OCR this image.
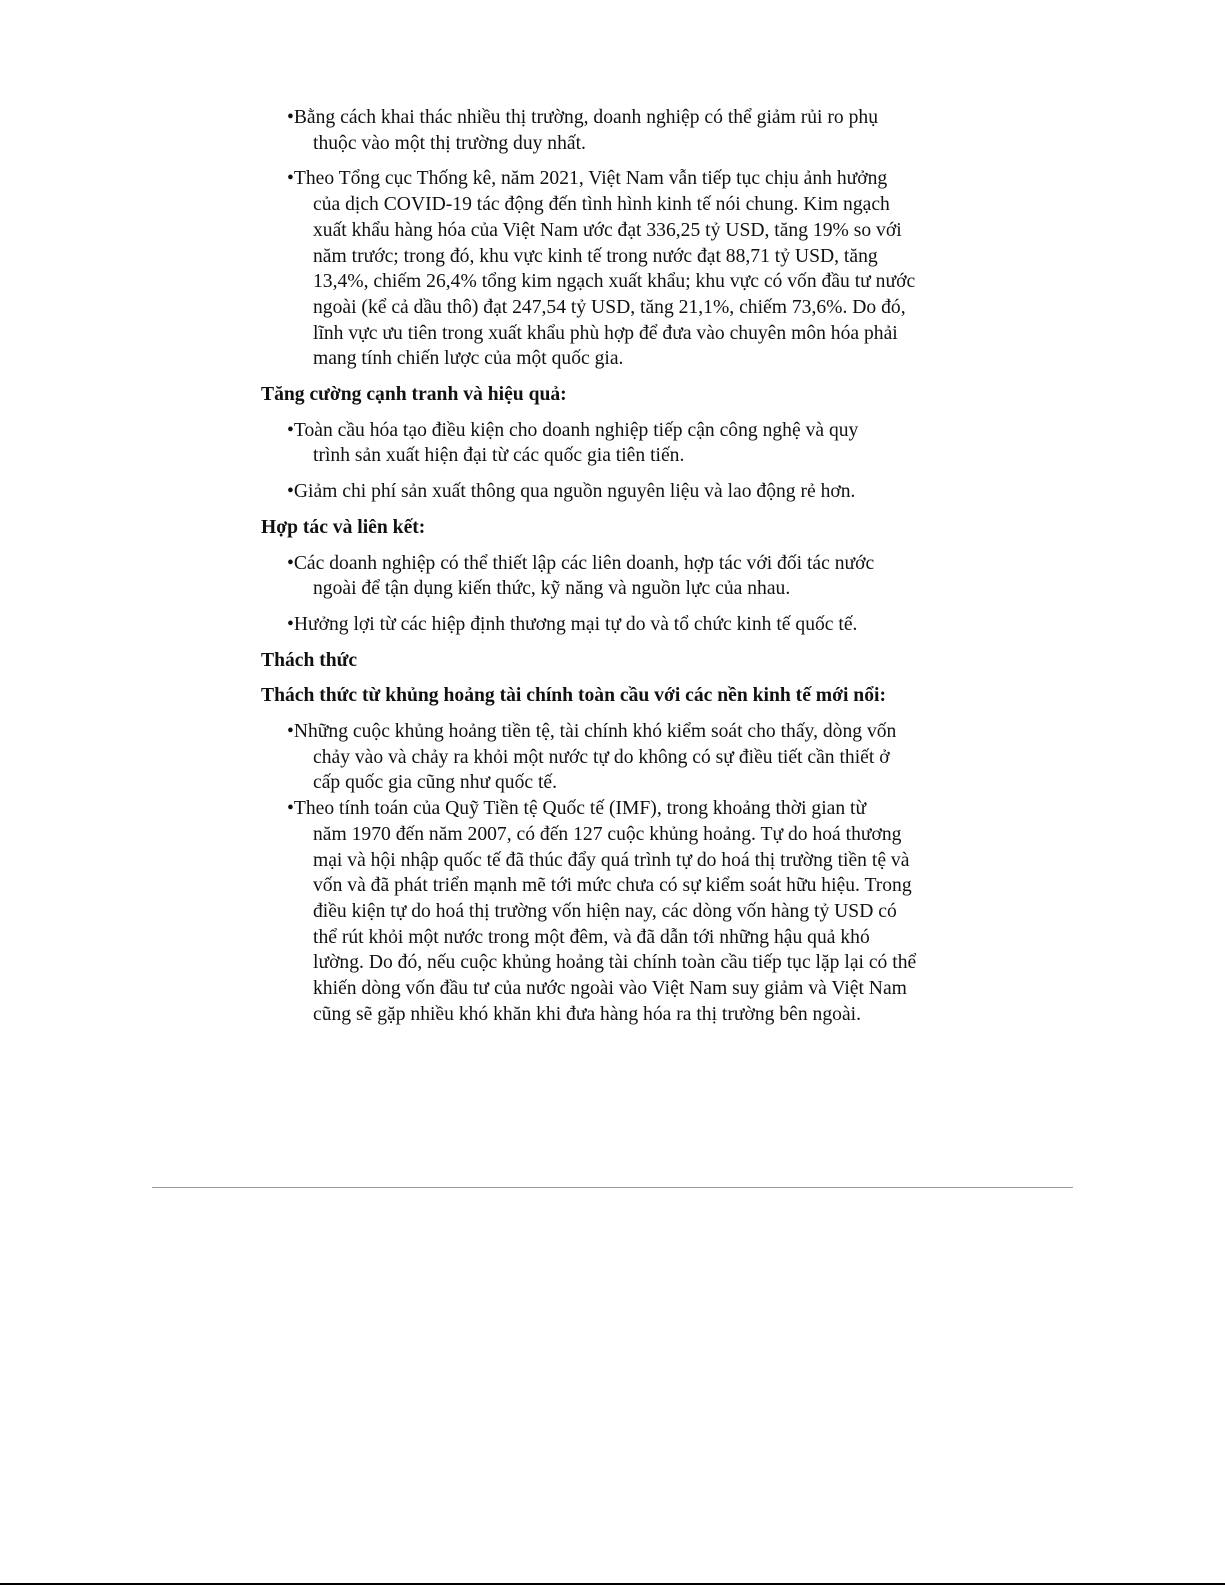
•Bằng cách khai thác nhiều thị trường, doanh nghiệp có thể giảm rủi ro phụ
thuộc vào một thị trường duy nhất.

•Theo Tổng cục Thống kê, năm 2021, Việt Nam vẫn tiếp tục chịu ảnh hưởng
của dịch COVID-19 tác động đến tình hình kinh tế nói chung. Kim ngạch
xuất khẩu hàng hóa của Việt Nam ước đạt 336,25 tỷ USD, tăng 19% so với
năm trước; trong đó, khu vực kinh tế trong nước đạt 88,71 tỷ USD, tăng
13,4%, chiếm 26,4% tổng kim ngạch xuất khẩu; khu vực có vốn đầu tư nước
ngoài (kể cả dầu thô) đạt 247,54 tỷ USD, tăng 21,1%, chiếm 73,6%. Do đó,
lĩnh vực ưu tiên trong xuất khẩu phù hợp để đưa vào chuyên môn hóa phải
mang tính chiến lược của một quốc gia.

Tăng cường cạnh tranh và hiệu quả:

•Toàn cầu hóa tạo điều kiện cho doanh nghiệp tiếp cận công nghệ và quy
trình sản xuất hiện đại từ các quốc gia tiên tiến.

•Giảm chi phí sản xuất thông qua nguồn nguyên liệu và lao động rẻ hơn.

Hợp tác và liên kết:

•Các doanh nghiệp có thể thiết lập các liên doanh, hợp tác với đối tác nước
ngoài để tận dụng kiến thức, kỹ năng và nguồn lực của nhau.

•Hưởng lợi từ các hiệp định thương mại tự do và tổ chức kinh tế quốc tế.

Thách thức

Thách thức từ khủng hoảng tài chính toàn cầu với các nền kinh tế mới nổi:

•Những cuộc khủng hoảng tiền tệ, tài chính khó kiểm soát cho thấy, dòng vốn
chảy vào và chảy ra khỏi một nước tự do không có sự điều tiết cần thiết ở
cấp quốc gia cũng như quốc tế.

•Theo tính toán của Quỹ Tiền tệ Quốc tế (IMF), trong khoảng thời gian từ
năm 1970 đến năm 2007, có đến 127 cuộc khủng hoảng. Tự do hoá thương
mại và hội nhập quốc tế đã thúc đẩy quá trình tự do hoá thị trường tiền tệ và
vốn và đã phát triển mạnh mẽ tới mức chưa có sự kiểm soát hữu hiệu. Trong
điều kiện tự do hoá thị trường vốn hiện nay, các dòng vốn hàng tỷ USD có
thể rút khỏi một nước trong một đêm, và đã dẫn tới những hậu quả khó
lường. Do đó, nếu cuộc khủng hoảng tài chính toàn cầu tiếp tục lặp lại có thể
khiến dòng vốn đầu tư của nước ngoài vào Việt Nam suy giảm và Việt Nam
cũng sẽ gặp nhiều khó khăn khi đưa hàng hóa ra thị trường bên ngoài.
